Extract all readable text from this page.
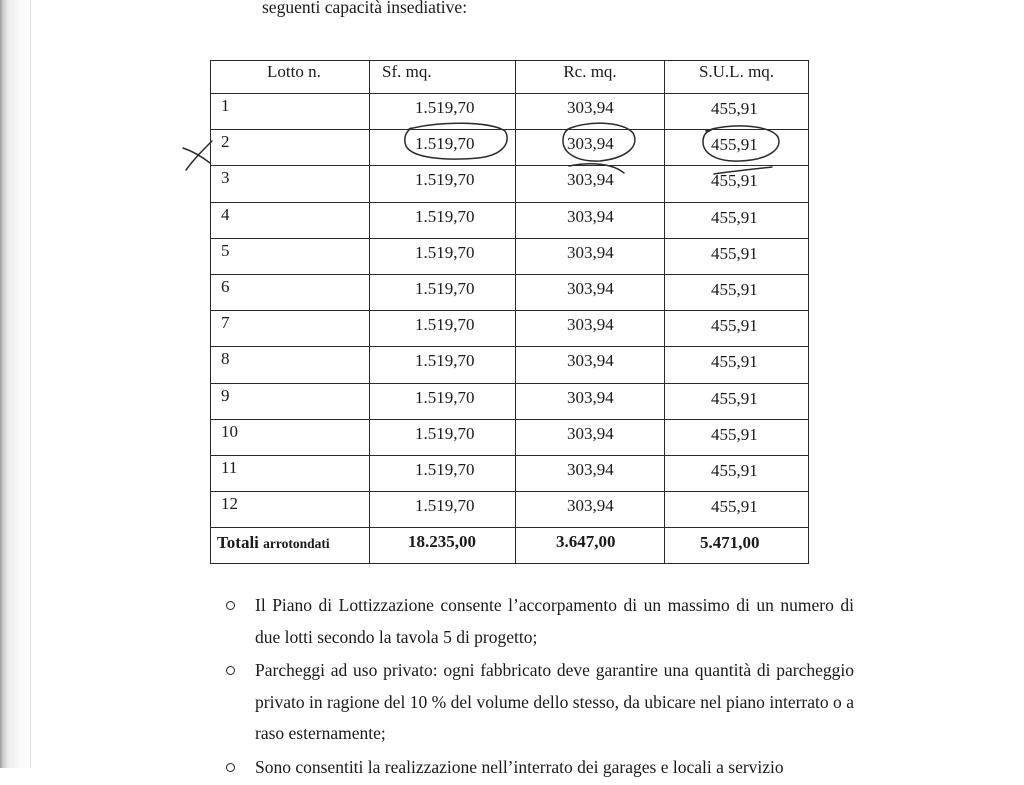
seguenti capacità insediative:

Lotto n.	Sf. mq.	Rc. mq.	S.U.L. mq.
1	1.519,70	303,94	455,91
2	1.519,70	303,94	455,91
3	1.519,70	303,94	455,91
4	1.519,70	303,94	455,91
5	1.519,70	303,94	455,91
6	1.519,70	303,94	455,91
7	1.519,70	303,94	455,91
8	1.519,70	303,94	455,91
9	1.519,70	303,94	455,91
10	1.519,70	303,94	455,91
11	1.519,70	303,94	455,91
12	1.519,70	303,94	455,91
Totali arrotondati	18.235,00	3.647,00	5.471,00
Il Piano di Lottizzazione consente l’accorpamento di un massimo di un numero di due lotti secondo la tavola 5 di progetto;
Parcheggi ad uso privato: ogni fabbricato deve garantire una quantità di parcheggio privato in ragione del 10 % del volume dello stesso, da ubicare nel piano interrato o a raso esternamente;
Sono consentiti la realizzazione nell’interrato dei garages e locali a servizio
